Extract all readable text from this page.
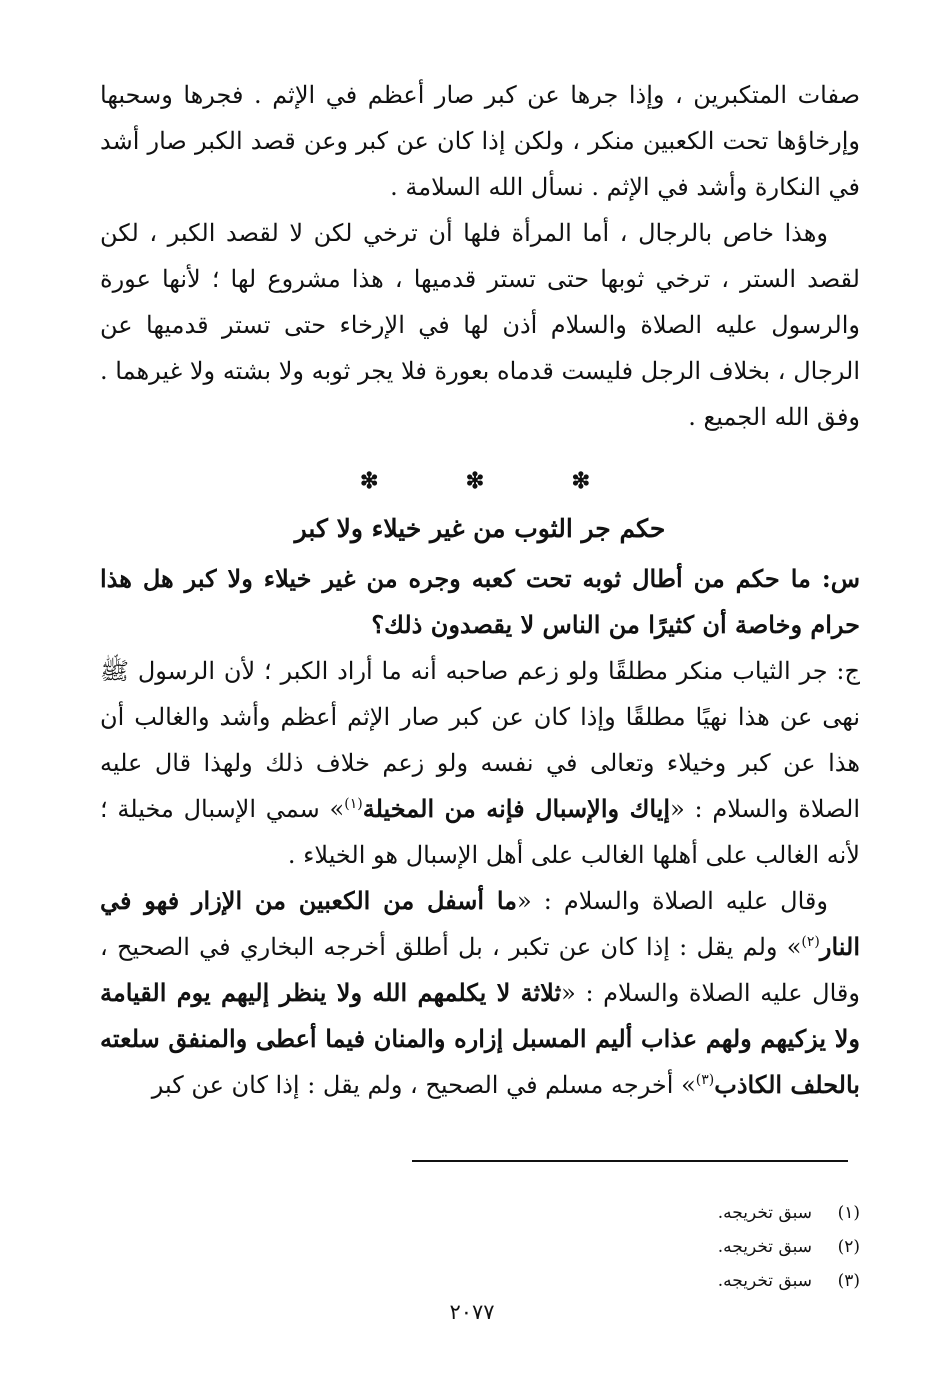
صفات المتكبرين ، وإذا جرها عن كبر صار أعظم في الإثم . فجرها وسحبها وإرخاؤها تحت الكعبين منكر ، ولكن إذا كان عن كبر وعن قصد الكبر صار أشد في النكارة وأشد في الإثم . نسأل الله السلامة .

وهذا خاص بالرجال ، أما المرأة فلها أن ترخي لكن لا لقصد الكبر ، لكن لقصد الستر ، ترخي ثوبها حتى تستر قدميها ، هذا مشروع لها ؛ لأنها عورة والرسول عليه الصلاة والسلام أذن لها في الإرخاء حتى تستر قدميها عن الرجال ، بخلاف الرجل فليست قدماه بعورة فلا يجر ثوبه ولا بشته ولا غيرهما . وفق الله الجميع .

❇	❇	❇
حكم جر الثوب من غير خيلاء ولا كبر
س: ما حكم من أطال ثوبه تحت كعبه وجره من غير خيلاء ولا كبر هل هذا حرام وخاصة أن كثيرًا من الناس لا يقصدون ذلك؟

ج: جر الثياب منكر مطلقًا ولو زعم صاحبه أنه ما أراد الكبر ؛ لأن الرسول ﷺ نهى عن هذا نهيًا مطلقًا وإذا كان عن كبر صار الإثم أعظم وأشد والغالب أن هذا عن كبر وخيلاء وتعالى في نفسه ولو زعم خلاف ذلك ولهذا قال عليه الصلاة والسلام : «إياك والإسبال فإنه من المخيلة$^{(١)}$» سمي الإسبال مخيلة ؛ لأنه الغالب على أهلها الغالب على أهل الإسبال هو الخيلاء .

وقال عليه الصلاة والسلام : «ما أسفل من الكعبين من الإزار فهو في النار$^{(٢)}$» ولم يقل : إذا كان عن تكبر ، بل أطلق أخرجه البخاري في الصحيح ، وقال عليه الصلاة والسلام : «ثلاثة لا يكلمهم الله ولا ينظر إليهم يوم القيامة ولا يزكيهم ولهم عذاب أليم المسبل إزاره والمنان فيما أعطى والمنفق سلعته بالحلف الكاذب$^{(٣)}$» أخرجه مسلم في الصحيح ، ولم يقل : إذا كان عن كبر

(١)
سبق تخريجه.
(٢)
سبق تخريجه.
(٣)
سبق تخريجه.
٢٠٧٧
